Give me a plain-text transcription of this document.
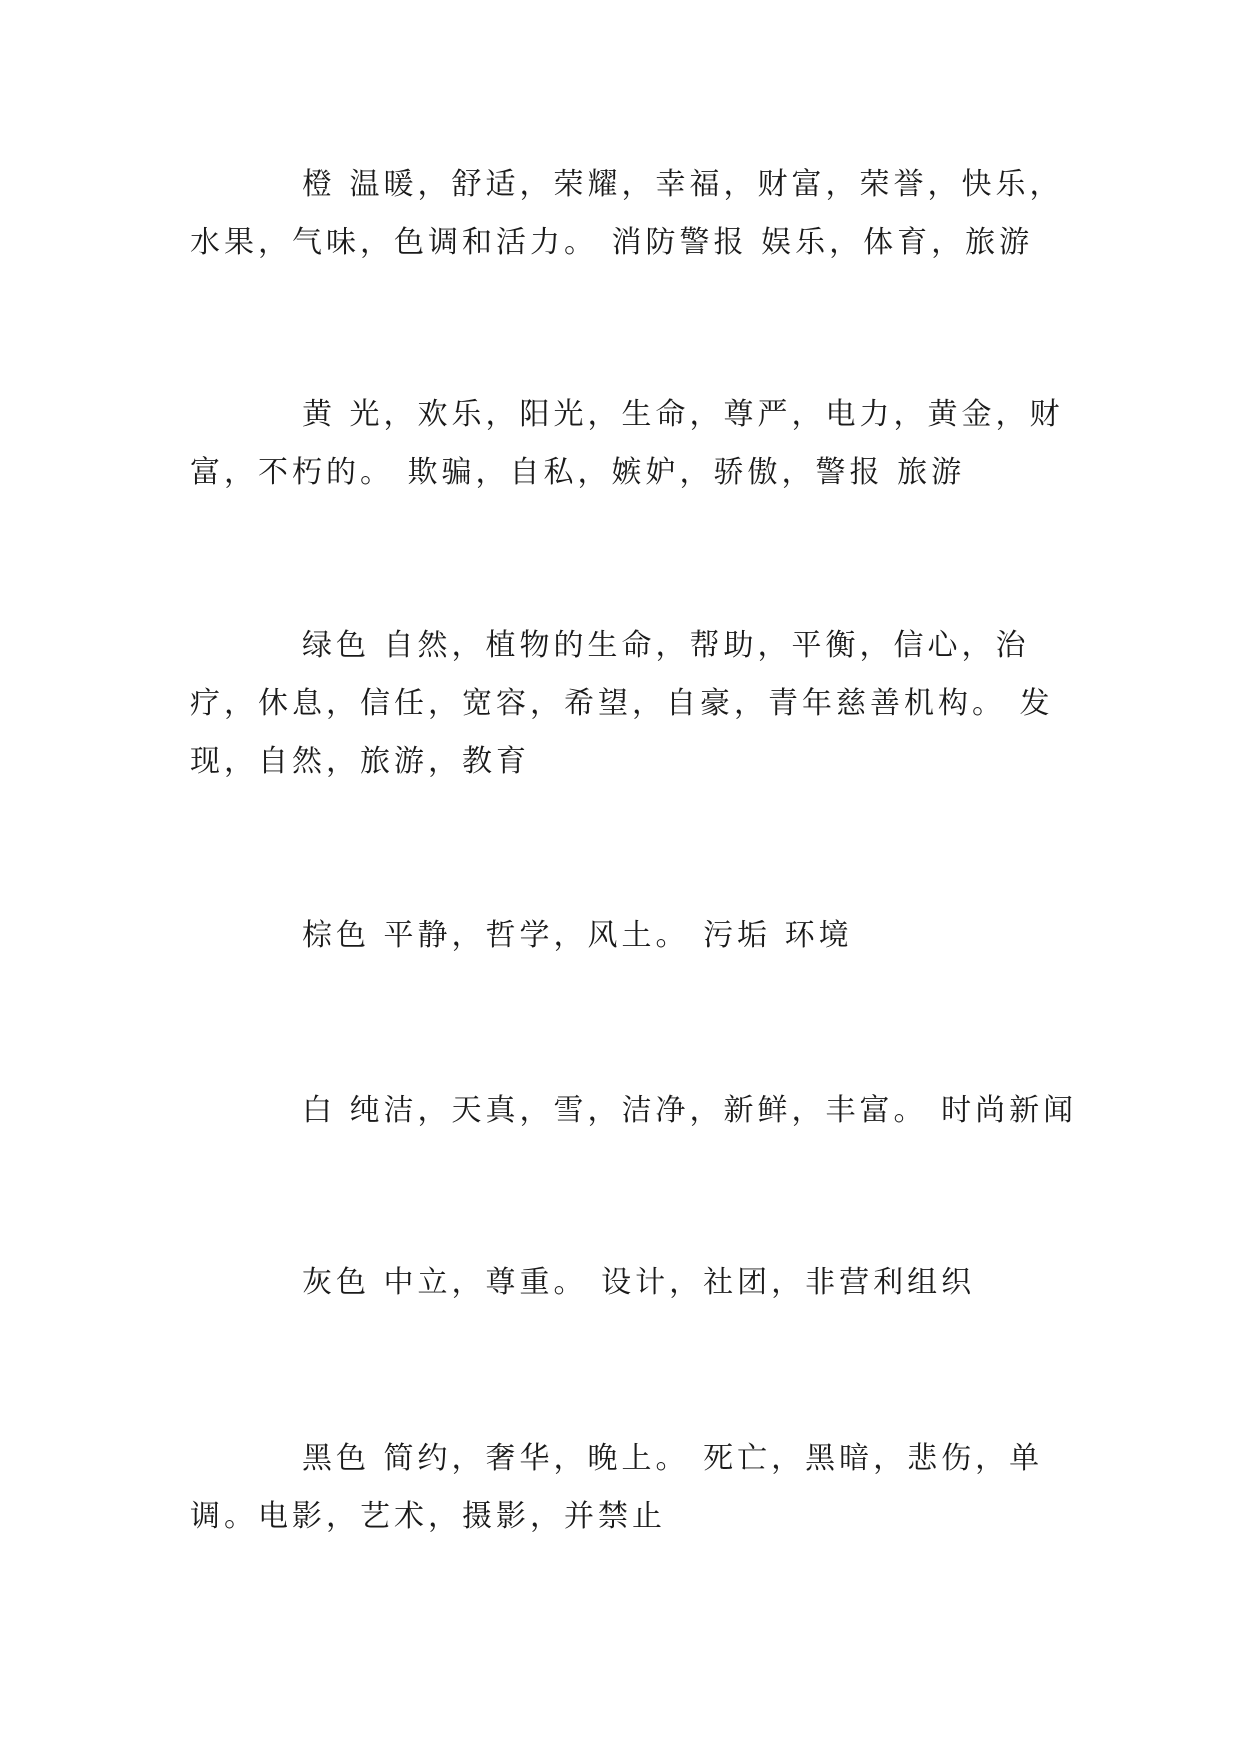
橙 温暖，舒适，荣耀，幸福，财富，荣誉，快乐，水果，气味，色调和活力。 消防警报 娱乐，体育，旅游

黄 光，欢乐，阳光，生命，尊严，电力，黄金，财富，不朽的。 欺骗，自私，嫉妒，骄傲，警报 旅游

绿色 自然，植物的生命，帮助，平衡，信心，治疗，休息，信任，宽容，希望，自豪，青年慈善机构。 发现，自然，旅游，教育

棕色 平静，哲学，风土。 污垢 环境

白 纯洁，天真，雪，洁净，新鲜，丰富。 时尚新闻

灰色 中立，尊重。 设计，社团，非营利组织

黑色 简约，奢华，晚上。 死亡，黑暗，悲伤，单调。电影，艺术，摄影，并禁止
